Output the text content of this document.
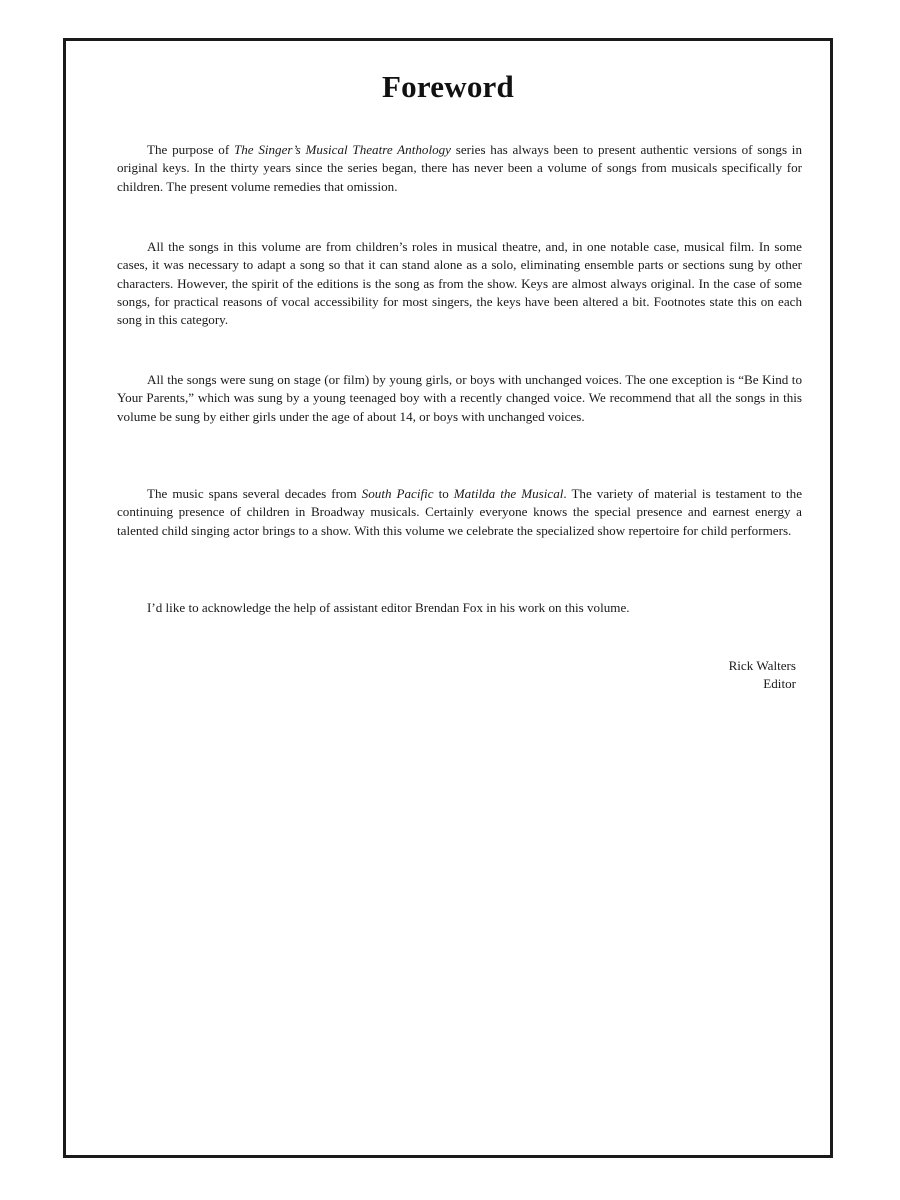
Foreword

The purpose of The Singer’s Musical Theatre Anthology series has always been to present authentic versions of songs in original keys. In the thirty years since the series began, there has never been a volume of songs from musicals specifically for children. The present volume remedies that omission.

All the songs in this volume are from children’s roles in musical theatre, and, in one notable case, musical film. In some cases, it was necessary to adapt a song so that it can stand alone as a solo, eliminating ensemble parts or sections sung by other characters. However, the spirit of the editions is the song as from the show. Keys are almost always original. In the case of some songs, for practical reasons of vocal accessibility for most singers, the keys have been altered a bit. Footnotes state this on each song in this category.

All the songs were sung on stage (or film) by young girls, or boys with unchanged voices. The one exception is “Be Kind to Your Parents,” which was sung by a young teenaged boy with a recently changed voice. We recommend that all the songs in this volume be sung by either girls under the age of about 14, or boys with unchanged voices.

The music spans several decades from South Pacific to Matilda the Musical. The variety of material is testament to the continuing presence of children in Broadway musicals. Certainly everyone knows the special presence and earnest energy a talented child singing actor brings to a show. With this volume we celebrate the specialized show repertoire for child performers.

I’d like to acknowledge the help of assistant editor Brendan Fox in his work on this volume.

Rick Walters
Editor
